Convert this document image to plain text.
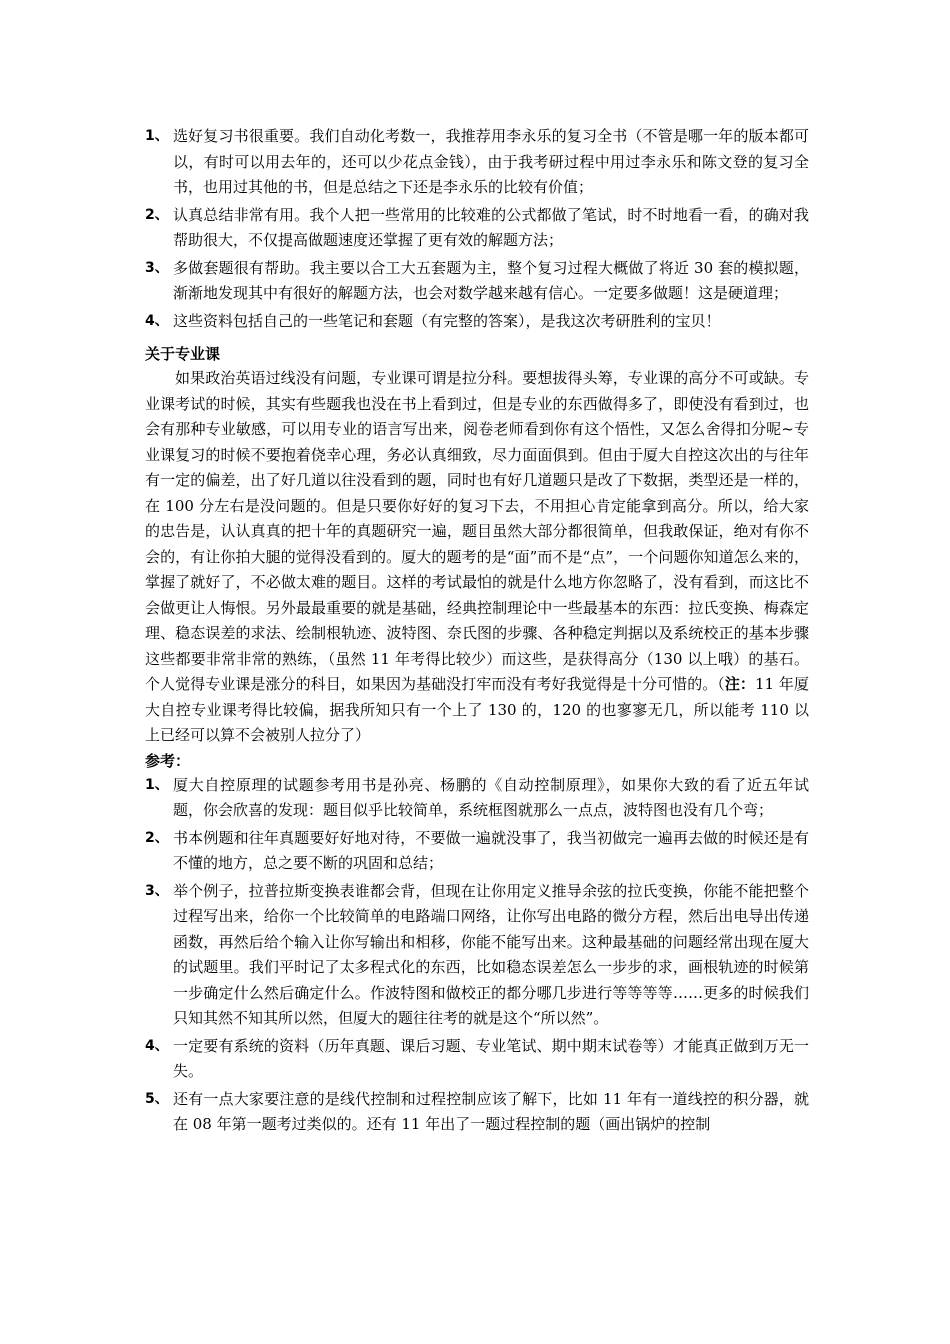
1、 选好复习书很重要。我们自动化考数一，我推荐用李永乐的复习全书（不管是哪一年的版本都可以，有时可以用去年的，还可以少花点金钱），由于我考研过程中用过李永乐和陈文登的复习全书，也用过其他的书，但是总结之下还是李永乐的比较有价值；
2、 认真总结非常有用。我个人把一些常用的比较难的公式都做了笔试，时不时地看一看，的确对我帮助很大，不仅提高做题速度还掌握了更有效的解题方法；
3、 多做套题很有帮助。我主要以合工大五套题为主，整个复习过程大概做了将近 30 套的模拟题，渐渐地发现其中有很好的解题方法，也会对数学越来越有信心。一定要多做题！这是硬道理；
4、 这些资料包括自己的一些笔记和套题（有完整的答案），是我这次考研胜利的宝贝！
关于专业课

如果政治英语过线没有问题，专业课可谓是拉分科。要想拔得头筹，专业课的高分不可或缺。专业课考试的时候，其实有些题我也没在书上看到过，但是专业的东西做得多了，即使没有看到过，也会有那种专业敏感，可以用专业的语言写出来，阅卷老师看到你有这个悟性，又怎么舍得扣分呢~专业课复习的时候不要抱着侥幸心理，务必认真细致，尽力面面俱到。但由于厦大自控这次出的与往年有一定的偏差，出了好几道以往没看到的题，同时也有好几道题只是改了下数据，类型还是一样的，在 100 分左右是没问题的。但是只要你好好的复习下去，不用担心肯定能拿到高分。所以，给大家的忠告是，认认真真的把十年的真题研究一遍，题目虽然大部分都很简单，但我敢保证，绝对有你不会的，有让你拍大腿的觉得没看到的。厦大的题考的是“面”而不是“点”，一个问题你知道怎么来的，掌握了就好了，不必做太难的题目。这样的考试最怕的就是什么地方你忽略了，没有看到，而这比不会做更让人悔恨。另外最最重要的就是基础，经典控制理论中一些最基本的东西：拉氏变换、梅森定理、稳态误差的求法、绘制根轨迹、波特图、奈氏图的步骤、各种稳定判据以及系统校正的基本步骤这些都要非常非常的熟练，（虽然 11 年考得比较少）而这些，是获得高分（130 以上哦）的基石。个人觉得专业课是涨分的科目，如果因为基础没打牢而没有考好我觉得是十分可惜的。（注：11 年厦大自控专业课考得比较偏，据我所知只有一个上了 130 的，120 的也寥寥无几，所以能考 110 以上已经可以算不会被别人拉分了）

参考：
1、 厦大自控原理的试题参考用书是孙亮、杨鹏的《自动控制原理》，如果你大致的看了近五年试题，你会欣喜的发现：题目似乎比较简单，系统框图就那么一点点，波特图也没有几个弯；
2、 书本例题和往年真题要好好地对待，不要做一遍就没事了，我当初做完一遍再去做的时候还是有不懂的地方，总之要不断的巩固和总结；
3、 举个例子，拉普拉斯变换表谁都会背，但现在让你用定义推导余弦的拉氏变换，你能不能把整个过程写出来，给你一个比较简单的电路端口网络，让你写出电路的微分方程，然后出电导出传递函数，再然后给个输入让你写输出和相移，你能不能写出来。这种最基础的问题经常出现在厦大的试题里。我们平时记了太多程式化的东西，比如稳态误差怎么一步步的求，画根轨迹的时候第一步确定什么然后确定什么。作波特图和做校正的都分哪几步进行等等等等……更多的时候我们只知其然不知其所以然，但厦大的题往往考的就是这个“所以然”。
4、 一定要有系统的资料（历年真题、课后习题、专业笔试、期中期末试卷等）才能真正做到万无一失。
5、 还有一点大家要注意的是线代控制和过程控制应该了解下，比如 11 年有一道线控的积分器，就在 08 年第一题考过类似的。还有 11 年出了一题过程控制的题（画出锅炉的控制
